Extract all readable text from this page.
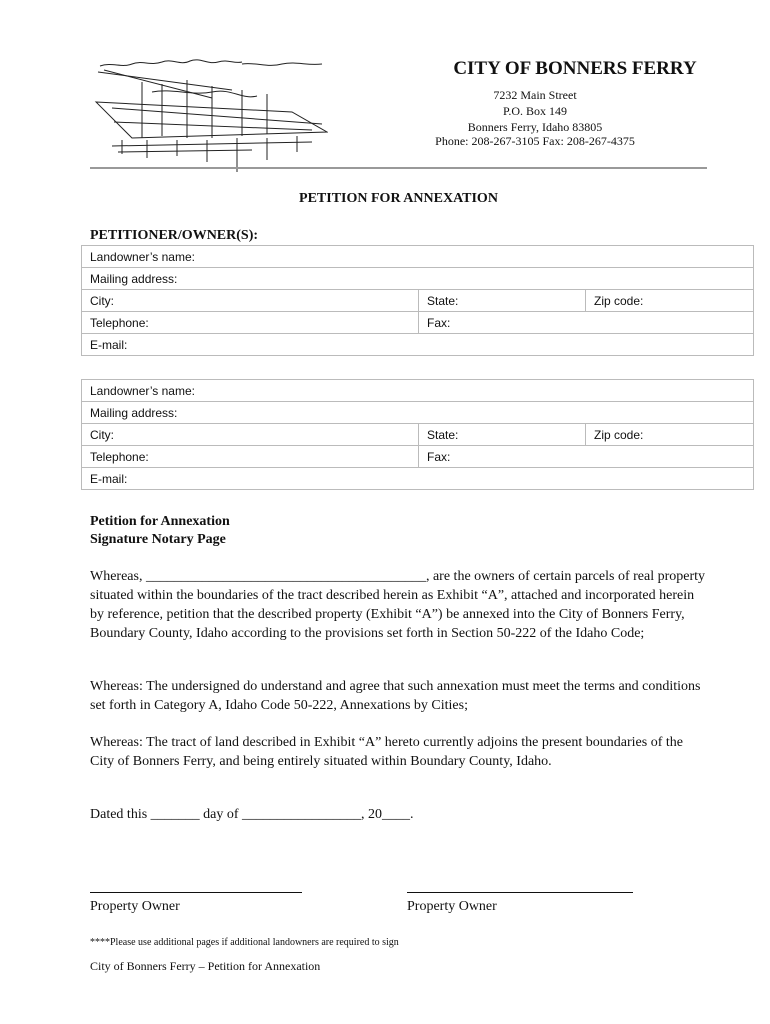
CITY OF BONNERS FERRY
7232 Main Street
P.O. Box 149
Bonners Ferry, Idaho 83805
Phone: 208-267-3105 Fax: 208-267-4375
PETITION FOR ANNEXATION
PETITIONER/OWNER(S):
Landowner’s name:		
Mailing address:		
City:	State:	Zip code:
Telephone:	Fax:	
E-mail:		
Landowner’s name:		
Mailing address:		
City:	State:	Zip code:
Telephone:	Fax:	
E-mail:		
Petition for Annexation
Signature Notary Page
Whereas, ________________________________________, are the owners of certain parcels of real property situated within the boundaries of the tract described herein as Exhibit “A”, attached and incorporated herein by reference, petition that the described property (Exhibit “A”) be annexed into the City of Bonners Ferry, Boundary County, Idaho according to the provisions set forth in Section 50-222 of the Idaho Code;
Whereas: The undersigned do understand and agree that such annexation must meet the terms and conditions set forth in Category A, Idaho Code 50-222, Annexations by Cities;
Whereas: The tract of land described in Exhibit “A” hereto currently adjoins the present boundaries of the City of Bonners Ferry, and being entirely situated within Boundary County, Idaho.
Dated this _______ day of _________________, 20____.
Property Owner	Property Owner
****Please use additional pages if additional landowners are required to sign
City of Bonners Ferry – Petition for Annexation
